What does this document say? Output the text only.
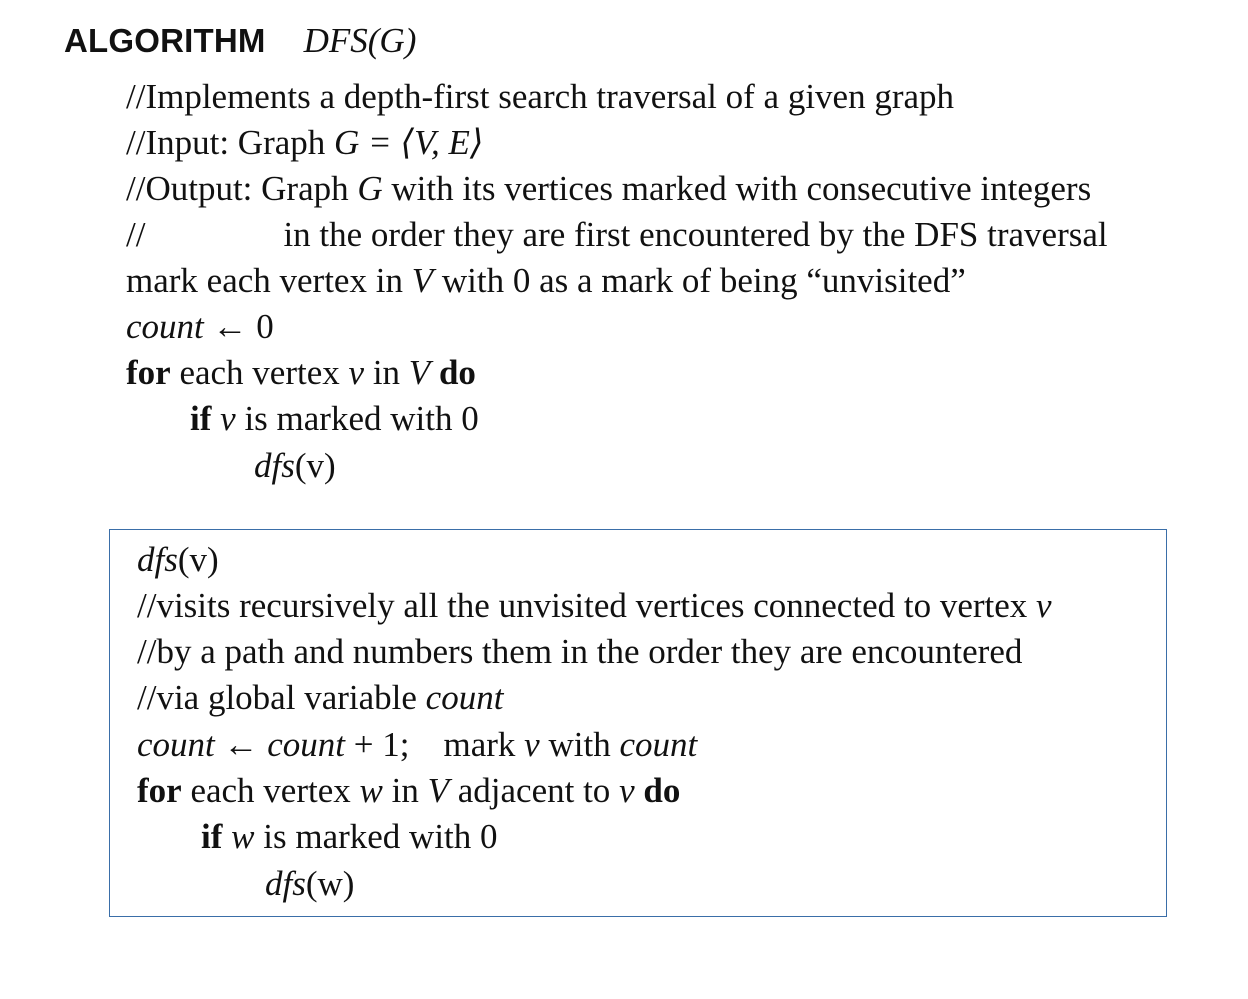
ALGORITHM DFS(G)
//Implements a depth-first search traversal of a given graph
//Input: Graph G = ⟨V, E⟩
//Output: Graph G with its vertices marked with consecutive integers
//	in the order they are first encountered by the DFS traversal
mark each vertex in V with 0 as a mark of being “unvisited”
count ← 0
for each vertex v in V do
if v is marked with 0
dfs(v)
dfs(v)
//visits recursively all the unvisited vertices connected to vertex v
//by a path and numbers them in the order they are encountered
//via global variable count
count ← count + 1; mark v with count
for each vertex w in V adjacent to v do
if w is marked with 0
dfs(w)
